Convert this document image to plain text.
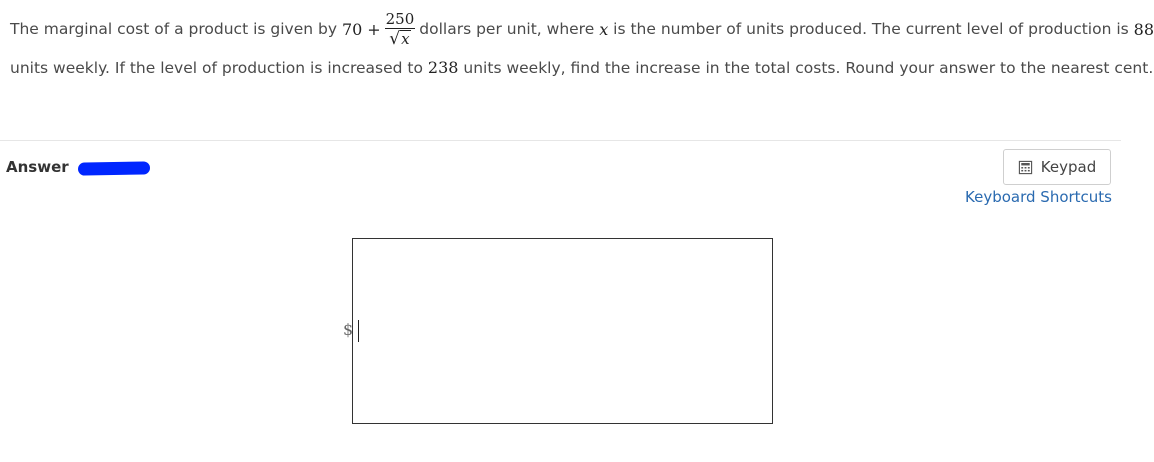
The marginal cost of a product is given by
70
+ $\frac{250}{√ x}$ dollars per unit, where
x
is the number of units produced. The current level of production is
88
units weekly. If the level of production is increased to 238 units weekly, find the increase in the total costs. Round your answer to the nearest cent.
Answer	Keypad
Keyboard Shortcuts
$
